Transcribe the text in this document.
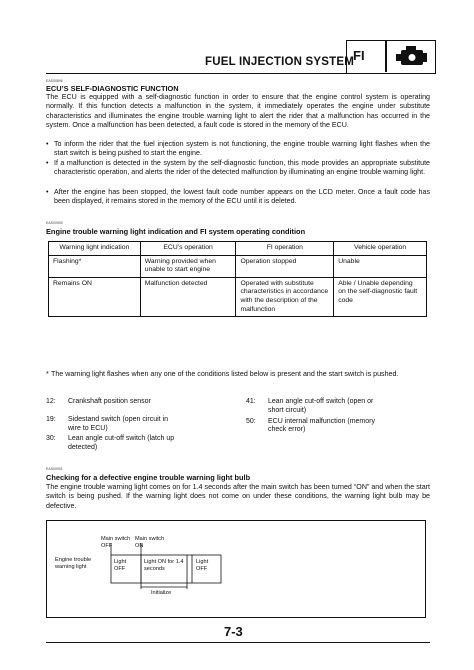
FUEL INJECTION SYSTEM
FI
EAS00896
ECU’S SELF-DIAGNOSTIC FUNCTION
The ECU is equipped with a self-diagnostic function in order to ensure that the engine control system is operating normally. If this function detects a malfunction in the system, it immediately operates the engine under substitute characteristics and illuminates the engine trouble warning light to alert the rider that a malfunction has occurred in the system. Once a malfunction has been detected, a fault code is stored in the memory of the ECU.
• To inform the rider that the fuel injection system is not functioning, the engine trouble warning light flashes when the start switch is being pushed to start the engine.
• If a malfunction is detected in the system by the self-diagnostic function, this mode provides an appropriate substitute characteristic operation, and alerts the rider of the detected malfunction by illuminating an engine trouble warning light.
• After the engine has been stopped, the lowest fault code number appears on the LCD meter. Once a fault code has been displayed, it remains stored in the memory of the ECU until it is deleted.
EAS00900
Engine trouble warning light indication and FI system operating condition
Warning light indication	ECU’s operation	FI operation	Vehicle operation
Flashing*	Warning provided when unable to start engine	Operation stopped	Unable
Remains ON	Malfunction detected	Operated with substitute characteristics in accordance with the description of the malfunction	Able / Unable depending on the self-diagnostic fault code
* The warning light flashes when any one of the conditions listed below is present and the start switch is pushed.
12:	Crankshaft position sensor
19:	Sidestand switch (open circuit in wire to ECU)
30:	Lean angle cut-off switch (latch up detected)
41:	Lean angle cut-off switch (open or short circuit)
50:	ECU internal malfunction (memory check error)
EAS00901
Checking for a defective engine trouble warning light bulb
The engine trouble warning light comes on for 1.4 seconds after the main switch has been turned “ON” and when the start switch is being pushed. If the warning light does not come on under these conditions, the warning light bulb may be defective.
Main switch OFF
Main switch ON
Engine trouble warning light
Light OFF
Light ON for 1.4 seconds
Light OFF
Initialize
7-3
